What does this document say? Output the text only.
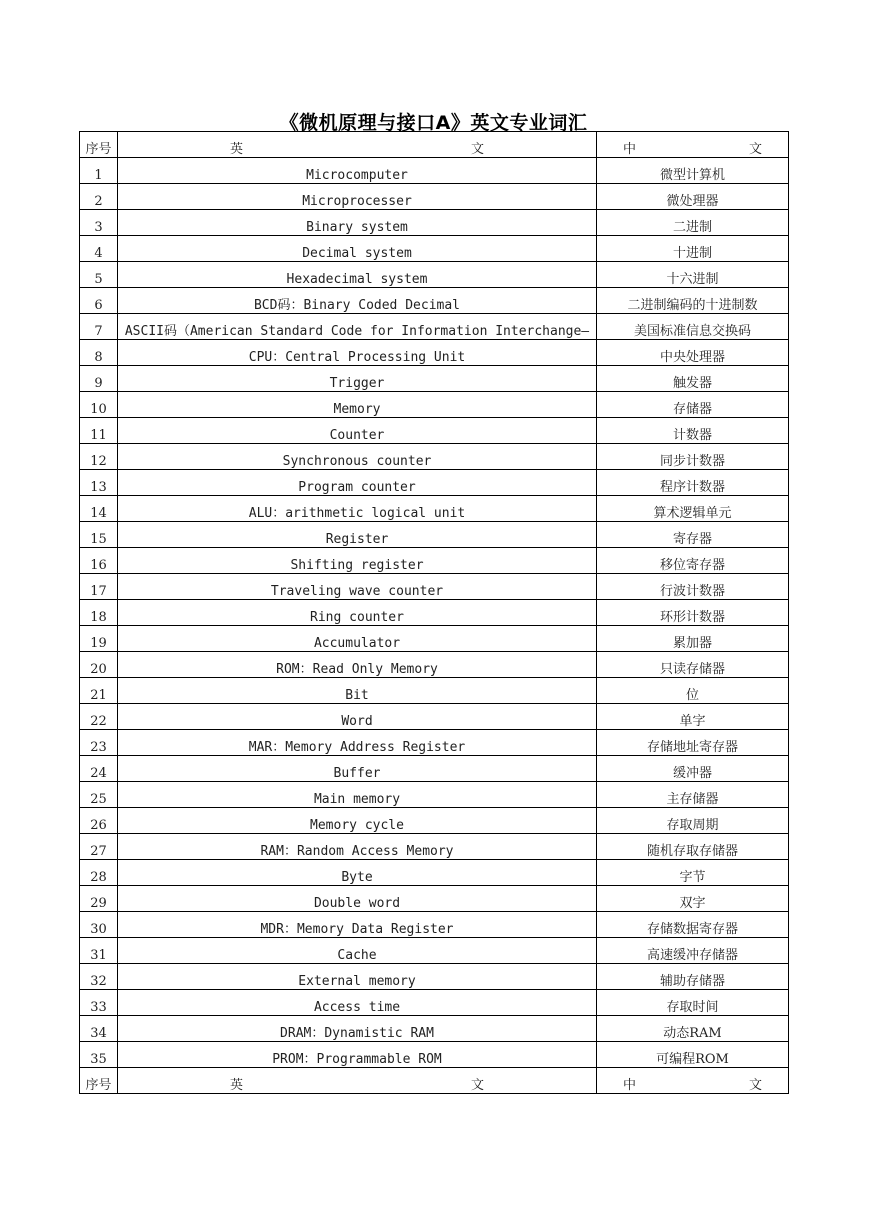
《微机原理与接口A》英文专业词汇
序号	英 文	中 文

1	Microcomputer	微型计算机
2	Microprocesser	微处理器
3	Binary system	二进制
4	Decimal system	十进制
5	Hexadecimal system	十六进制
6	BCD码：Binary Coded Decimal	二进制编码的十进制数
7	ASCII码（American Standard Code for Information Interchange—	美国标准信息交换码
8	CPU：Central Processing Unit	中央处理器
9	Trigger	触发器
10	Memory	存储器
11	Counter	计数器
12	Synchronous counter	同步计数器
13	Program counter	程序计数器
14	ALU：arithmetic logical unit	算术逻辑单元
15	Register	寄存器
16	Shifting register	移位寄存器
17	Traveling wave counter	行波计数器
18	Ring counter	环形计数器
19	Accumulator	累加器
20	ROM：Read Only Memory	只读存储器
21	Bit	位
22	Word	单字
23	MAR：Memory Address Register	存储地址寄存器
24	Buffer	缓冲器
25	Main memory	主存储器
26	Memory cycle	存取周期
27	RAM：Random Access Memory	随机存取存储器
28	Byte	字节
29	Double word	双字
30	MDR：Memory Data Register	存储数据寄存器
31	Cache	高速缓冲存储器
32	External memory	辅助存储器
33	Access time	存取时间
34	DRAM：Dynamistic RAM	动态RAM
35	PROM：Programmable ROM	可编程ROM
序号	英 文	中 文
